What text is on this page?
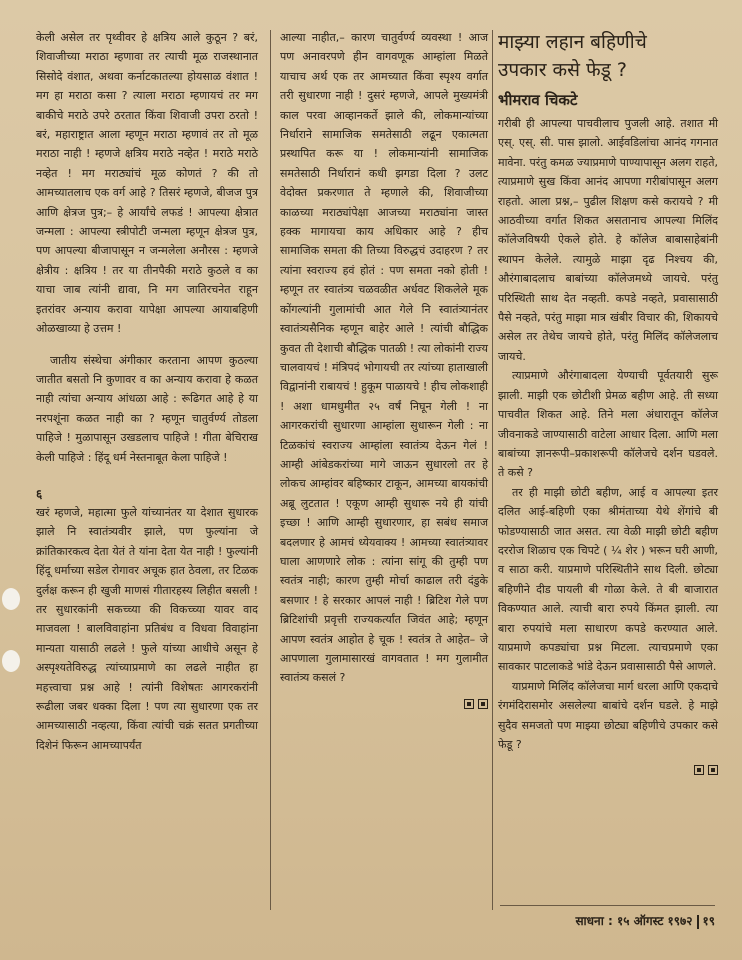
केली असेल तर पृथ्वीवर हे क्षत्रिय आले कुठून ? बरं, शिवाजीच्या मराठा म्हणावा तर त्याची मूळ राजस्थानात सिसोदे वंशात, अथवा कर्नाटकातल्या होयसाळ वंशात ! मग हा मराठा कसा ? त्याला मराठा म्हणायचं तर मग बाकीचे मराठे उपरे ठरतात किंवा शिवाजी उपरा ठरतो ! बरं, महाराष्ट्रात आला म्हणून मराठा म्हणावं तर तो मूळ मराठा नाही ! म्हणजे क्षत्रिय मराठे नव्हेत ! मराठे मराठे नव्हेत ! मग मराठ्यांचं मूळ कोणतं ? की तो आमच्यातलाच एक वर्ग आहे ? तिसरं म्हणजे, बीजज पुत्र आणि क्षेत्रज पुत्र;– हे आर्यांचे लफडं ! आपल्या क्षेत्रात जन्मला : आपल्या स्त्रीपोटी जन्मला म्हणून क्षेत्रज पुत्र, पण आपल्या बीजापासून न जन्मलेला अनौरस : म्हणजे क्षेत्रीय : क्षत्रिय ! तर या तीनपैकी मराठे कुठले व का याचा जाब त्यांनी द्यावा, नि मग जातिरचनेत राहून इतरांवर अन्याय करावा यापेक्षा आपल्या आयाबहिणी ओळखाव्या हे उत्तम !

जातीय संस्थेचा अंगीकार करताना आपण कुठल्या जातीत बसतो नि कुणावर व का अन्याय करावा हे कळत नाही त्यांचा अन्याय आंधळा आहे : रूढिगत आहे हे या नरपशूंना कळत नाही का ? म्हणून चातुर्वर्ण्य तोडला पाहिजे ! मुळापासून उखडलाच पाहिजे ! गीता बेचिराख केली पाहिजे : हिंदू धर्म नेस्तनाबूत केला पाहिजे !

६

खरं म्हणजे, महात्मा फुले यांच्यानंतर या देशात सुधारक झाले नि स्वातंत्र्यवीर झाले, पण फुल्यांना जे क्रांतिकारकत्व देता येतं ते यांना देता येत नाही ! फुल्यांनी हिंदू धर्माच्या सडेल रोगावर अचूक हात ठेवला, तर टिळक दुर्लक्ष करून ही खुजी माणसं गीतारहस्य लिहीत बसली ! तर सुधारकांनी सकच्च्या की विकच्च्या यावर वाद माजवला ! बालविवाहांना प्रतिबंध व विधवा विवाहांना मान्यता यासाठी लढले ! फुले यांच्या आधीचे असून हे अस्पृश्यतेविरुद्ध त्यांच्याप्रमाणे का लढले नाहीत हा महत्त्वाचा प्रश्न आहे ! त्यांनी विशेषतः आगरकरांनी रूढीला जबर धक्का दिला ! पण त्या सुधारणा एक तर आमच्यासाठी नव्हत्या, किंवा त्यांची चक्रं सतत प्रगतीच्या दिशेनं फिरून आमच्यापर्यंत

आल्या नाहीत,– कारण चातुर्वर्ण्य व्यवस्था ! आज पण अनावरपणे हीन वागवणूक आम्हांला मिळते याचाच अर्थ एक तर आमच्यात किंवा स्पृश्य वर्गात तरी सुधारणा नाही ! दुसरं म्हणजे, आपले मुख्यमंत्री काल परवा आव्हानकर्ते झाले की, लोकमान्यांच्या निर्धाराने सामाजिक समतेसाठी लढून एकात्मता प्रस्थापित करू या ! लोकमान्यांनी सामाजिक समतेसाठी निर्धारानं कधी झगडा दिला ? उलट वेदोक्त प्रकरणात ते म्हणाले की, शिवाजीच्या काळच्या मराठ्यांपेक्षा आजच्या मराठ्यांना जास्त हक्क मागायचा काय अधिकार आहे ? हीच सामाजिक समता की तिच्या विरुद्धचं उदाहरण ? तर त्यांना स्वराज्य हवं होतं : पण समता नको होती ! म्हणून तर स्वातंत्र्य चळवळीत अर्धवट शिकलेले मूक कोंगल्यांनी गुलामांची आत गेले नि स्वातंत्र्यानंतर स्वातंत्र्यसैनिक म्हणून बाहेर आले ! त्यांची बौद्धिक कुवत ती देशाची बौद्धिक पातळी ! त्या लोकांनी राज्य चालवायचं ! मंत्रिपदं भोगायची तर त्यांच्या हाताखाली विद्वानांनी राबायचं ! हुकूम पाळायचे ! हीच लोकशाही ! अशा धामधुमीत २५ वर्षं निघून गेली ! ना आगरकरांची सुधारणा आम्हांला सुधारून गेली : ना टिळकांचं स्वराज्य आम्हांला स्वातंत्र्य देऊन गेलं ! आम्ही आंबेडकरांच्या मागे जाऊन सुधारलो तर हे लोकच आम्हांवर बहिष्कार टाकून, आमच्या बायकांची अब्रू लुटतात ! एकूण आम्ही सुधारू नये ही यांची इच्छा ! आणि आम्ही सुधारणार, हा सबंध समाज बदलणार हे आमचं ध्येयवाक्य ! आमच्या स्वातंत्र्यावर घाला आणणारे लोक : त्यांना सांगू की तुम्ही पण स्वतंत्र नाही; कारण तुम्ही मोर्चा काढाल तरी दंडुके बसणार ! हे सरकार आपलं नाही ! ब्रिटिश गेले पण ब्रिटिशांची प्रवृत्ती राज्यकर्त्यांत जिवंत आहे; म्हणून आपण स्वतंत्र आहोत हे चूक ! स्वतंत्र ते आहेत– जे आपणाला गुलामासारखं वागवतात ! मग गुलामीत स्वातंत्र्य कसलं ?

माझ्या लहान बहिणीचे
उपकार कसे फेडू ?
भीमराव चिकटे

गरीबी ही आपल्या पाचवीलाच पुजली आहे. तशात मी एस्. एस्. सी. पास झालो. आईवडिलांचा आनंद गगनात मावेना. परंतु कमळ ज्याप्रमाणे पाण्यापासून अलग राहते, त्याप्रमाणे सुख किंवा आनंद आपणा गरीबांपासून अलग राहतो. आला प्रश्न,– पुढील शिक्षण कसे करायचे ? मी आठवीच्या वर्गात शिकत असतानाच आपल्या मिलिंद कॉलेजविषयी ऐकले होते. हे कॉलेज बाबासाहेबांनी स्थापन केलेले. त्यामुळे माझा दृढ निश्चय की, औरंगाबादलाच बाबांच्या कॉलेजमध्ये जायचे. परंतु परिस्थिती साथ देत नव्हती. कपडे नव्हते, प्रवासासाठी पैसे नव्हते, परंतु माझा मात्र खंबीर विचार की, शिकायचे असेल तर तेथेच जायचे होते, परंतु मिलिंद कॉलेजलाच जायचे.

त्याप्रमाणे औरंगाबादला येण्याची पूर्वतयारी सुरू झाली. माझी एक छोटीशी प्रेमळ बहीण आहे. ती सध्या पाचवीत शिकत आहे. तिने मला अंधारातून कॉलेज जीवनाकडे जाण्यासाठी वाटेला आधार दिला. आणि मला बाबांच्या ज्ञानरूपी–प्रकाशरूपी कॉलेजचे दर्शन घडवले. ते कसे ?

तर ही माझी छोटी बहीण, आई व आपल्या इतर दलित आई-बहिणी एका श्रीमंताच्या येथे शेंगांचे बी फोडण्यासाठी जात असत. त्या वेळी माझी छोटी बहीण दररोज शिळाच एक चिपटे ( ¼ शेर ) भरून घरी आणी, व साठा करी. याप्रमाणे परिस्थितीने साथ दिली. छोट्या बहिणीने दीड पायली बी गोळा केले. ते बी बाजारात विकण्यात आले. त्याची बारा रुपये किंमत झाली. त्या बारा रुपयांचे मला साधारण कपडे करण्यात आले. याप्रमाणे कपड्यांचा प्रश्न मिटला. त्याचप्रमाणे एका सावकार पाटलाकडे भांडे देऊन प्रवासासाठी पैसे आणले.

याप्रमाणे मिलिंद कॉलेजचा मार्ग धरला आणि एकदाचे रंगमंदिरासमोर असलेल्या बाबांचे दर्शन घडले. हे माझे सुदैव समजतो पण माझ्या छोट्या बहिणीचे उपकार कसे फेडू ?

साधना : १५ ऑगस्ट १९७२ १९
